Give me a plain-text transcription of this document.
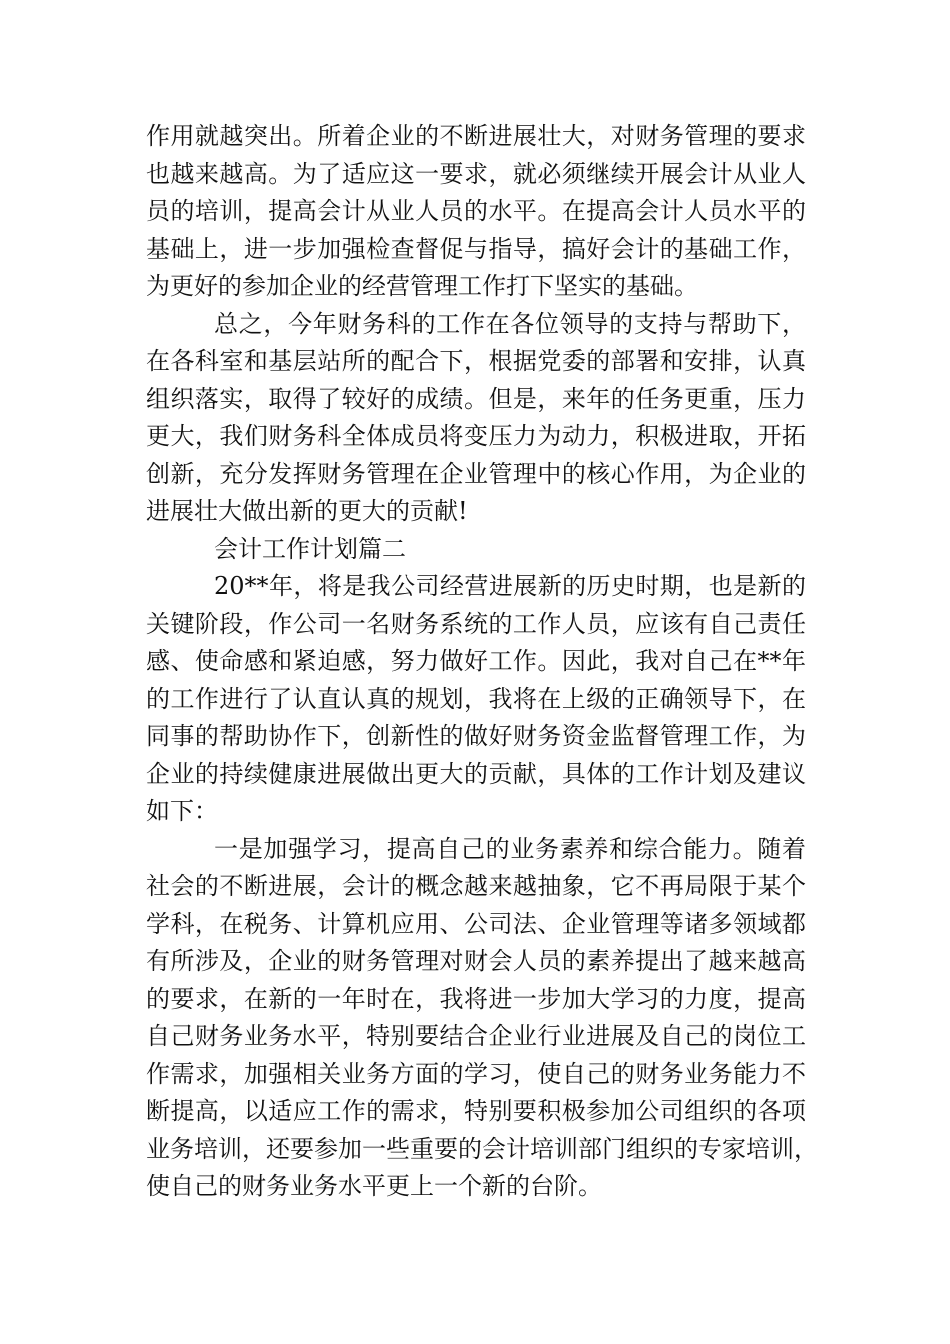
作用就越突出。所着企业的不断进展壮大，对财务管理的要求
也越来越高。为了适应这一要求，就必须继续开展会计从业人
员的培训，提高会计从业人员的水平。在提高会计人员水平的
基础上，进一步加强检查督促与指导，搞好会计的基础工作，
为更好的参加企业的经营管理工作打下坚实的基础。
总之，今年财务科的工作在各位领导的支持与帮助下，
在各科室和基层站所的配合下，根据党委的部署和安排，认真
组织落实，取得了较好的成绩。但是，来年的任务更重，压力
更大，我们财务科全体成员将变压力为动力，积极进取，开拓
创新，充分发挥财务管理在企业管理中的核心作用，为企业的
进展壮大做出新的更大的贡献!
会计工作计划篇二
20**年，将是我公司经营进展新的历史时期，也是新的
关键阶段，作公司一名财务系统的工作人员，应该有自己责任
感、使命感和紧迫感，努力做好工作。因此，我对自己在**年
的工作进行了认直认真的规划，我将在上级的正确领导下，在
同事的帮助协作下，创新性的做好财务资金监督管理工作，为
企业的持续健康进展做出更大的贡献，具体的工作计划及建议
如下：
一是加强学习，提高自己的业务素养和综合能力。随着
社会的不断进展，会计的概念越来越抽象，它不再局限于某个
学科，在税务、计算机应用、公司法、企业管理等诸多领域都
有所涉及，企业的财务管理对财会人员的素养提出了越来越高
的要求，在新的一年时在，我将进一步加大学习的力度，提高
自己财务业务水平，特别要结合企业行业进展及自己的岗位工
作需求，加强相关业务方面的学习，使自己的财务业务能力不
断提高，以适应工作的需求，特别要积极参加公司组织的各项
业务培训，还要参加一些重要的会计培训部门组织的专家培训，
使自己的财务业务水平更上一个新的台阶。
